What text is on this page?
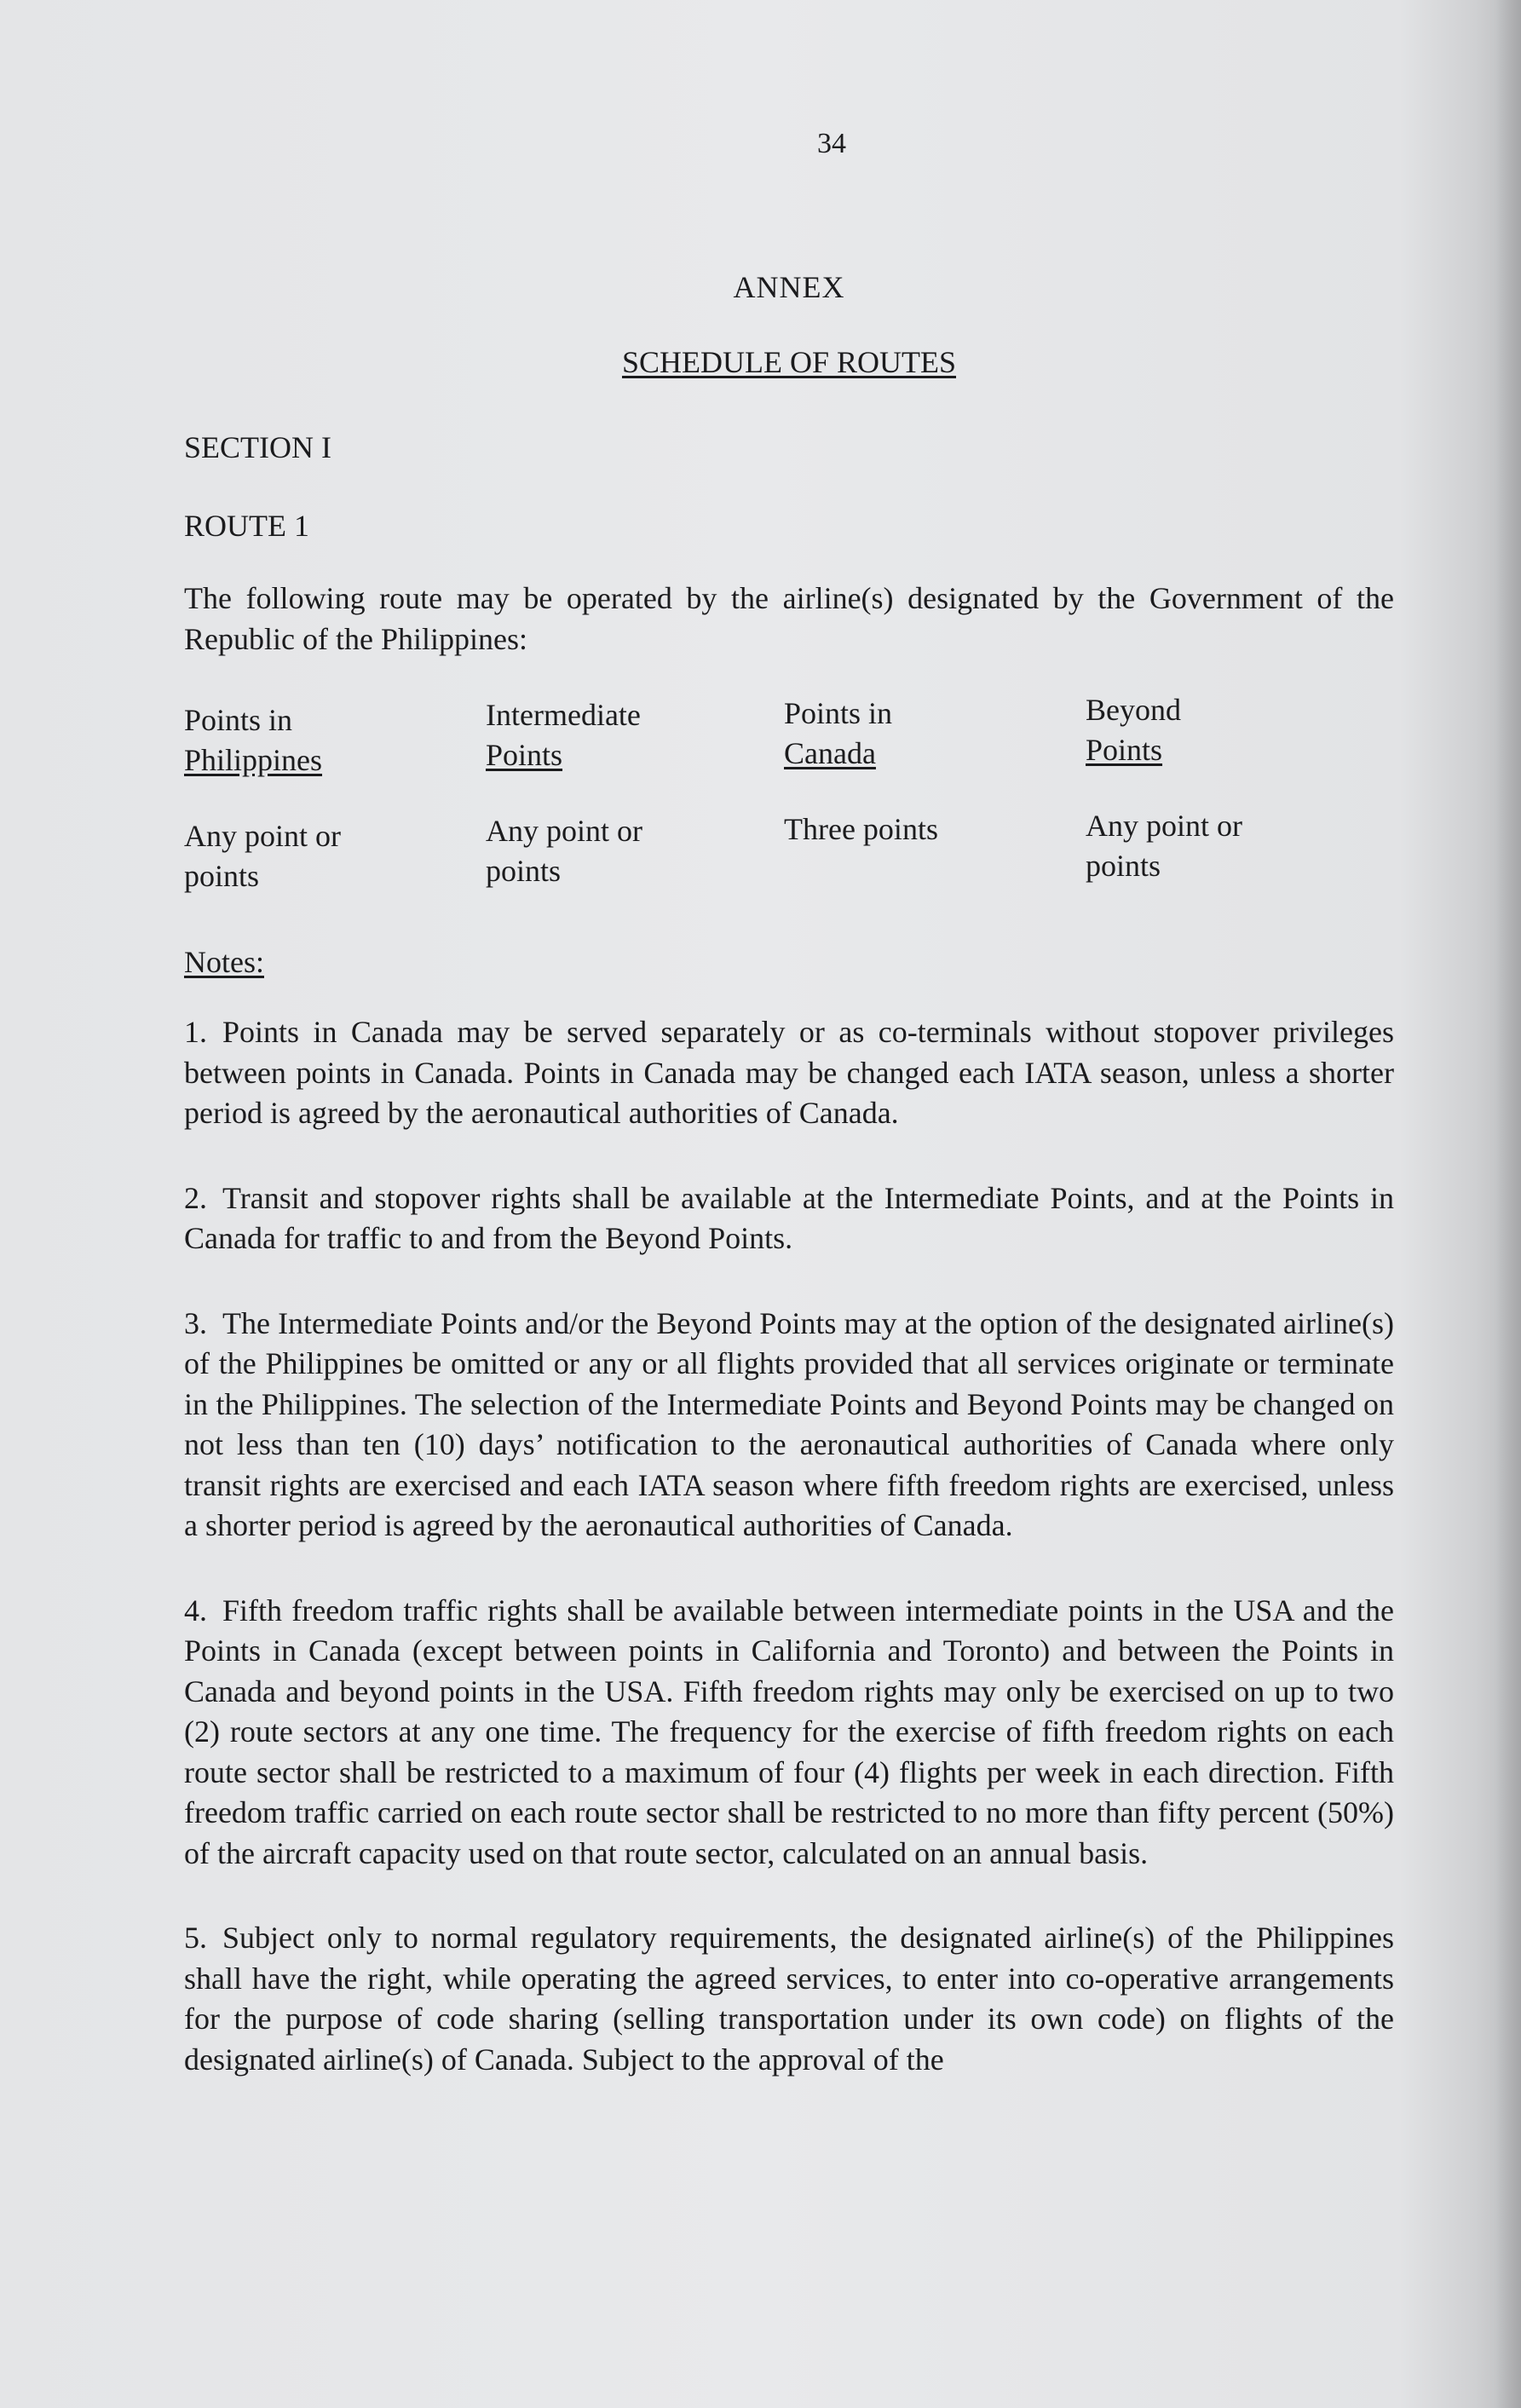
34
ANNEX
SCHEDULE OF ROUTES
SECTION I
ROUTE 1

The following route may be operated by the airline(s) designated by the Government of the Republic of the Philippines:

Points in
Philippines
Any point or
points
Intermediate
Points
Any point or
points
Points in
Canada
Three points

Beyond
Points
Any point or
points
Notes:
1. Points in Canada may be served separately or as co-terminals without stopover privileges between points in Canada. Points in Canada may be changed each IATA season, unless a shorter period is agreed by the aeronautical authorities of Canada.
2. Transit and stopover rights shall be available at the Intermediate Points, and at the Points in Canada for traffic to and from the Beyond Points.
3. The Intermediate Points and/or the Beyond Points may at the option of the designated airline(s) of the Philippines be omitted or any or all flights provided that all services originate or terminate in the Philippines. The selection of the Intermediate Points and Beyond Points may be changed on not less than ten (10) days’ notification to the aeronautical authorities of Canada where only transit rights are exercised and each IATA season where fifth freedom rights are exercised, unless a shorter period is agreed by the aeronautical authorities of Canada.
4. Fifth freedom traffic rights shall be available between intermediate points in the USA and the Points in Canada (except between points in California and Toronto) and between the Points in Canada and beyond points in the USA. Fifth freedom rights may only be exercised on up to two (2) route sectors at any one time. The frequency for the exercise of fifth freedom rights on each route sector shall be restricted to a maximum of four (4) flights per week in each direction. Fifth freedom traffic carried on each route sector shall be restricted to no more than fifty percent (50%) of the aircraft capacity used on that route sector, calculated on an annual basis.
5. Subject only to normal regulatory requirements, the designated airline(s) of the Philippines shall have the right, while operating the agreed services, to enter into co-operative arrangements for the purpose of code sharing (selling transportation under its own code) on flights of the designated airline(s) of Canada. Subject to the approval of the
